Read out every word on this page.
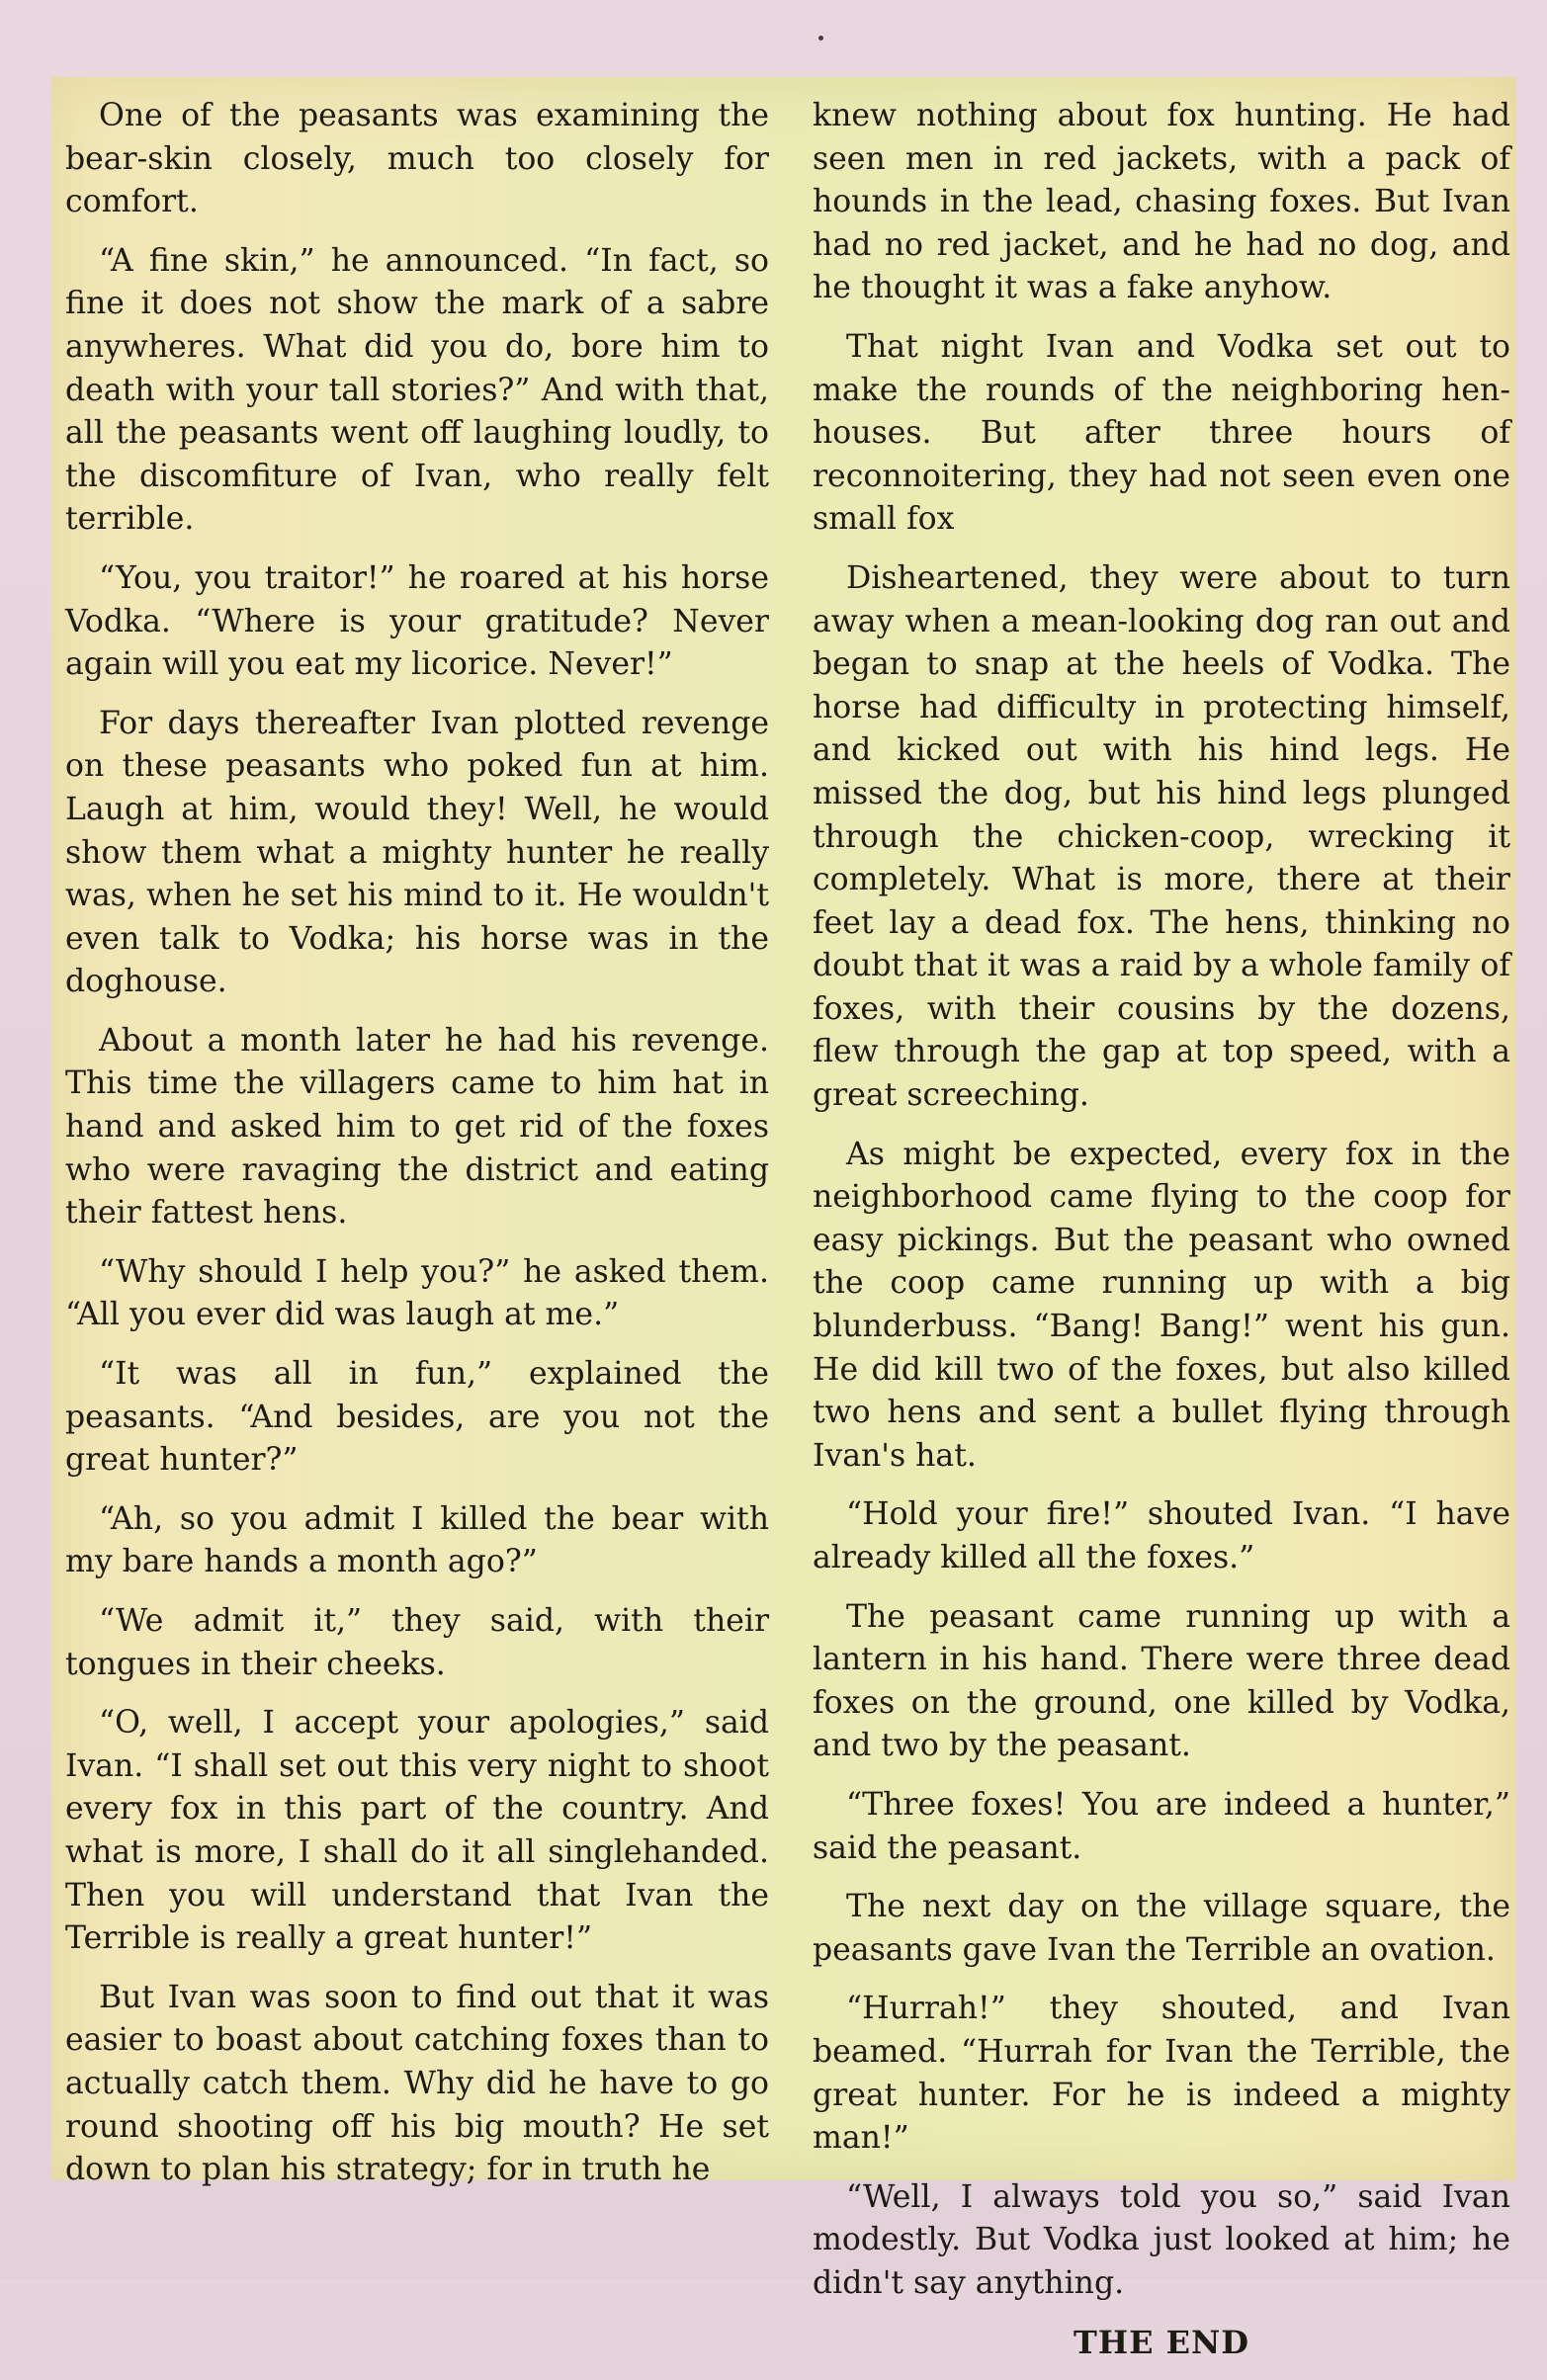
One of the peasants was examining the bear-skin closely, much too closely for comfort.

“A fine skin,” he announced. “In fact, so fine it does not show the mark of a sabre anywheres. What did you do, bore him to death with your tall stories?” And with that, all the peasants went off laughing loudly, to the discomfiture of Ivan, who really felt terrible.

“You, you traitor!” he roared at his horse Vodka. “Where is your gratitude? Never again will you eat my licorice. Never!”

For days thereafter Ivan plotted revenge on these peasants who poked fun at him. Laugh at him, would they! Well, he would show them what a mighty hunter he really was, when he set his mind to it. He wouldn't even talk to Vodka; his horse was in the doghouse.

About a month later he had his revenge. This time the villagers came to him hat in hand and asked him to get rid of the foxes who were ravaging the district and eating their fattest hens.

“Why should I help you?” he asked them. “All you ever did was laugh at me.”

“It was all in fun,” explained the peasants. “And besides, are you not the great hunter?”

“Ah, so you admit I killed the bear with my bare hands a month ago?”

“We admit it,” they said, with their tongues in their cheeks.

“O, well, I accept your apologies,” said Ivan. “I shall set out this very night to shoot every fox in this part of the country. And what is more, I shall do it all singlehanded. Then you will understand that Ivan the Terrible is really a great hunter!”

But Ivan was soon to find out that it was easier to boast about catching foxes than to actually catch them. Why did he have to go round shooting off his big mouth? He set down to plan his strategy; for in truth he

knew nothing about fox hunting. He had seen men in red jackets, with a pack of hounds in the lead, chasing foxes. But Ivan had no red jacket, and he had no dog, and he thought it was a fake anyhow.

That night Ivan and Vodka set out to make the rounds of the neighboring hen-houses. But after three hours of reconnoitering, they had not seen even one small fox

Disheartened, they were about to turn away when a mean-looking dog ran out and began to snap at the heels of Vodka. The horse had difficulty in protecting himself, and kicked out with his hind legs. He missed the dog, but his hind legs plunged through the chicken-coop, wrecking it completely. What is more, there at their feet lay a dead fox. The hens, thinking no doubt that it was a raid by a whole family of foxes, with their cousins by the dozens, flew through the gap at top speed, with a great screeching.

As might be expected, every fox in the neighborhood came flying to the coop for easy pickings. But the peasant who owned the coop came running up with a big blunderbuss. “Bang! Bang!” went his gun. He did kill two of the foxes, but also killed two hens and sent a bullet flying through Ivan's hat.

“Hold your fire!” shouted Ivan. “I have already killed all the foxes.”

The peasant came running up with a lantern in his hand. There were three dead foxes on the ground, one killed by Vodka, and two by the peasant.

“Three foxes! You are indeed a hunter,” said the peasant.

The next day on the village square, the peasants gave Ivan the Terrible an ovation.

“Hurrah!” they shouted, and Ivan beamed. “Hurrah for Ivan the Terrible, the great hunter. For he is indeed a mighty man!”

“Well, I always told you so,” said Ivan modestly. But Vodka just looked at him; he didn't say anything.

THE END
